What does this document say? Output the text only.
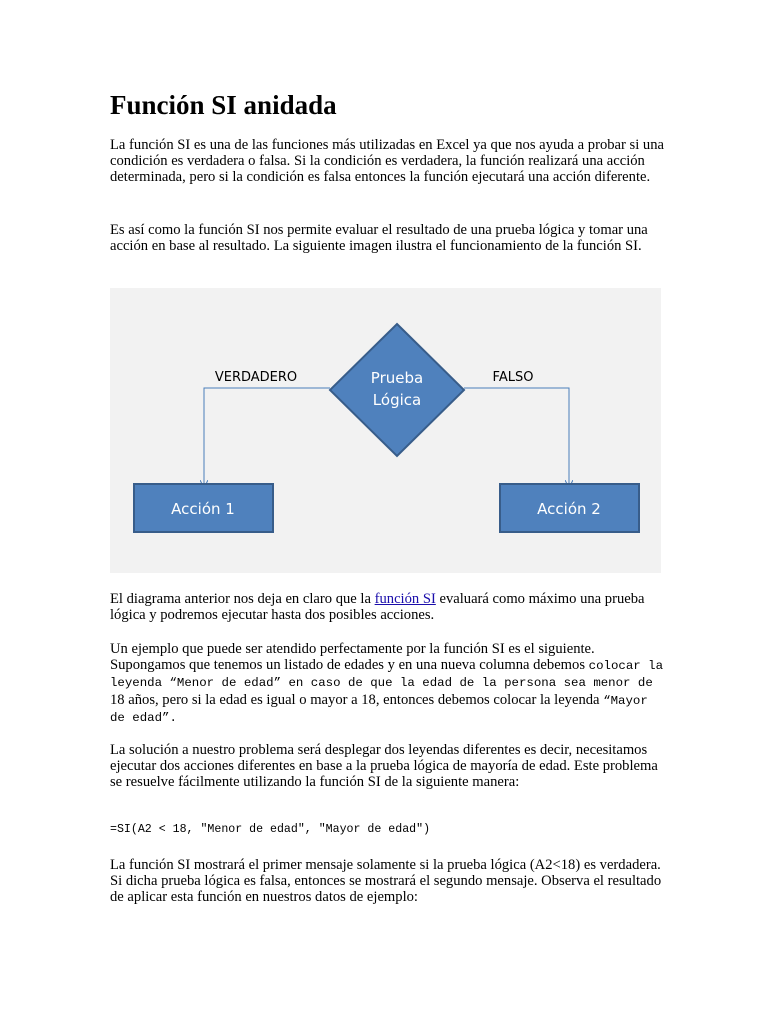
Función SI anidada

La función SI es una de las funciones más utilizadas en Excel ya que nos ayuda a probar si una condición es verdadera o falsa. Si la condición es verdadera, la función realizará una acción determinada, pero si la condición es falsa entonces la función ejecutará una acción diferente.

Es así como la función SI nos permite evaluar el resultado de una prueba lógica y tomar una acción en base al resultado. La siguiente imagen ilustra el funcionamiento de la función SI.

Prueba
Lógica
VERDADERO	FALSO
Acción 1	Acción 2

El diagrama anterior nos deja en claro que la función SI evaluará como máximo una prueba lógica y podremos ejecutar hasta dos posibles acciones.

Un ejemplo que puede ser atendido perfectamente por la función SI es el siguiente. Supongamos que tenemos un listado de edades y en una nueva columna debemos colocar la leyenda “Menor de edad” en caso de que la edad de la persona sea menor de 18 años, pero si la edad es igual o mayor a 18, entonces debemos colocar la leyenda “Mayor de edad”.

La solución a nuestro problema será desplegar dos leyendas diferentes es decir, necesitamos ejecutar dos acciones diferentes en base a la prueba lógica de mayoría de edad. Este problema se resuelve fácilmente utilizando la función SI de la siguiente manera:

=SI(A2 < 18, "Menor de edad", "Mayor de edad")

La función SI mostrará el primer mensaje solamente si la prueba lógica (A2<18) es verdadera. Si dicha prueba lógica es falsa, entonces se mostrará el segundo mensaje. Observa el resultado de aplicar esta función en nuestros datos de ejemplo:
